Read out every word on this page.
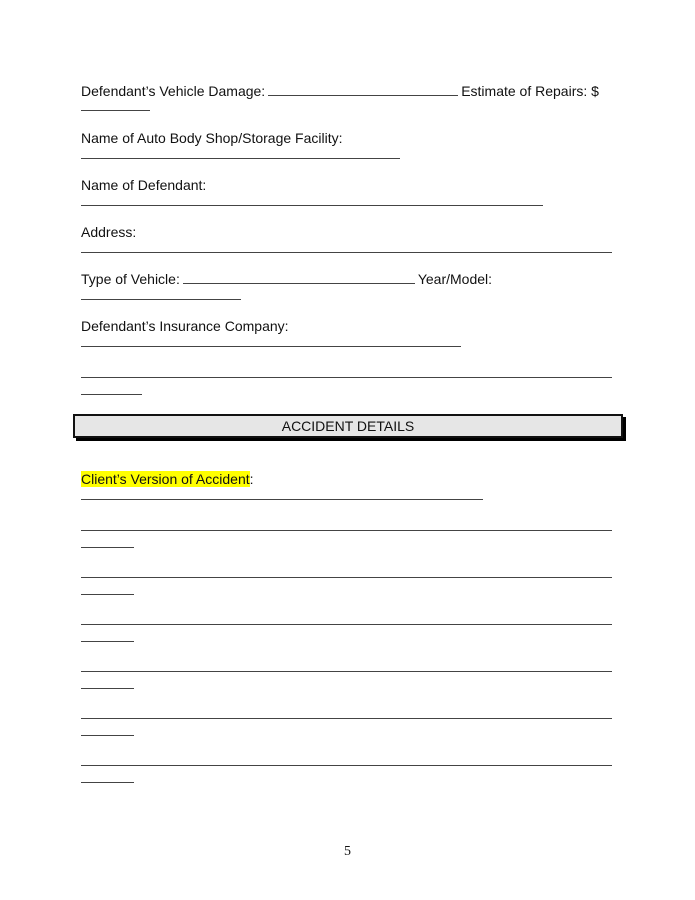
Defendant’s Vehicle Damage:	Estimate of Repairs: $
Name of Auto Body Shop/Storage Facility:
Name of Defendant:
Address:
Type of Vehicle:	Year/Model:
Defendant’s Insurance Company:
ACCIDENT DETAILS
Client’s Version of Accident:
5
